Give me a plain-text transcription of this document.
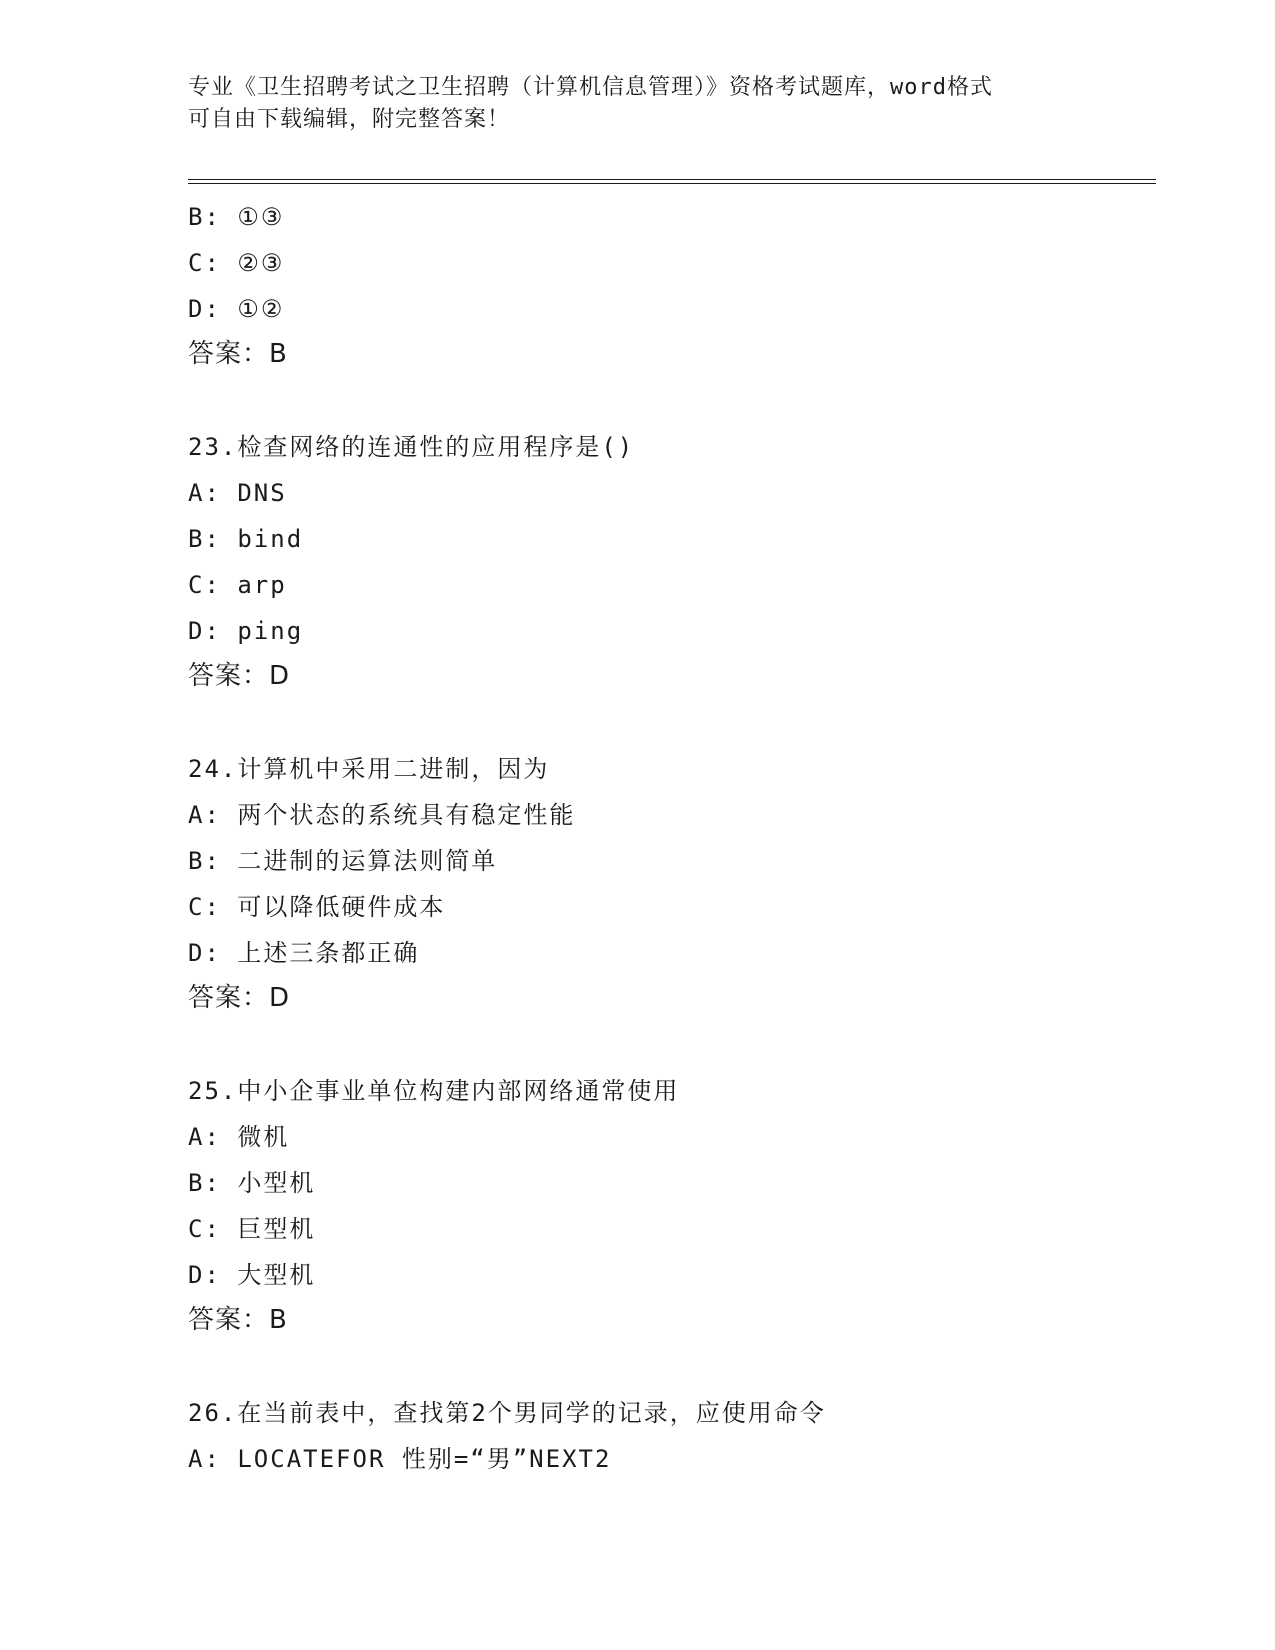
专业《卫生招聘考试之卫生招聘（计算机信息管理）》资格考试题库，word格式
可自由下载编辑，附完整答案！
B: ①③
C: ②③
D: ①②
答案：B
23.检查网络的连通性的应用程序是()
A: DNS
B: bind
C: arp
D: ping
答案：D
24.计算机中采用二进制，因为
A: 两个状态的系统具有稳定性能
B: 二进制的运算法则简单
C: 可以降低硬件成本
D: 上述三条都正确
答案：D
25.中小企事业单位构建内部网络通常使用
A: 微机
B: 小型机
C: 巨型机
D: 大型机
答案：B
26.在当前表中，查找第2个男同学的记录，应使用命令
A: LOCATEFOR 性别=“男”NEXT2
